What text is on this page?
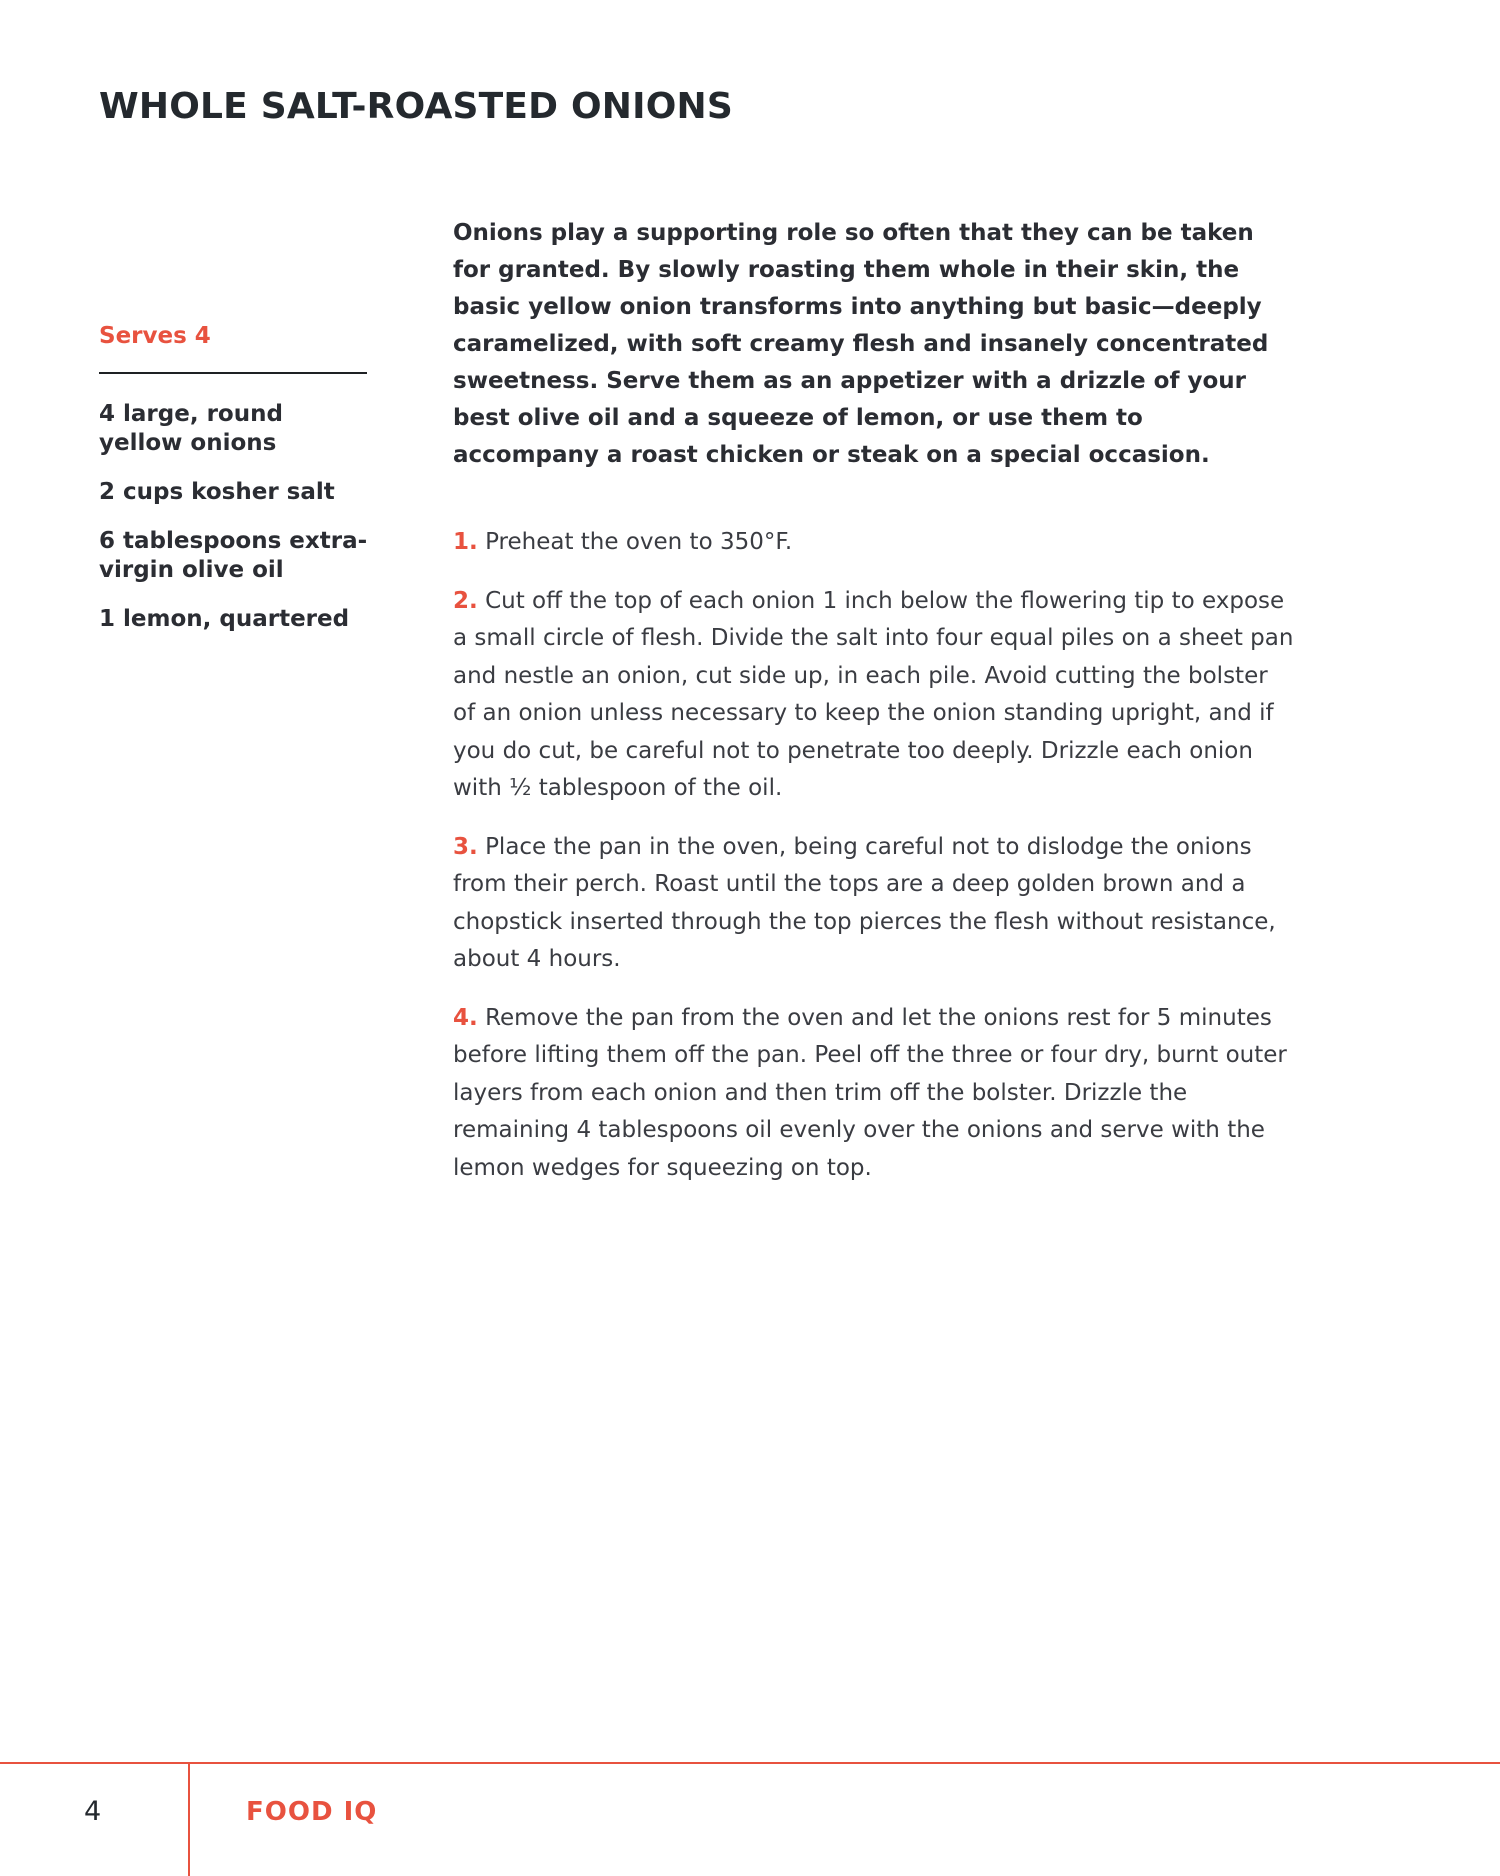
WHOLE SALT-ROASTED ONIONS
Serves 4
4 large, round yellow onions
2 cups kosher salt
6 tablespoons extra-virgin olive oil
1 lemon, quartered

Onions play a supporting role so often that they can be taken for granted. By slowly roasting them whole in their skin, the basic yellow onion transforms into anything but basic—deeply caramelized, with soft creamy flesh and insanely concentrated sweetness. Serve them as an appetizer with a drizzle of your best olive oil and a squeeze of lemon, or use them to accompany a roast chicken or steak on a special occasion.

1. Preheat the oven to 350°F.
2. Cut off the top of each onion 1 inch below the flowering tip to expose a small circle of flesh. Divide the salt into four equal piles on a sheet pan and nestle an onion, cut side up, in each pile. Avoid cutting the bolster of an onion unless necessary to keep the onion standing upright, and if you do cut, be careful not to penetrate too deeply. Drizzle each onion with ½ tablespoon of the oil.
3. Place the pan in the oven, being careful not to dislodge the onions from their perch. Roast until the tops are a deep golden brown and a chopstick inserted through the top pierces the flesh without resistance, about 4 hours.
4. Remove the pan from the oven and let the onions rest for 5 minutes before lifting them off the pan. Peel off the three or four dry, burnt outer layers from each onion and then trim off the bolster. Drizzle the remaining 4 tablespoons oil evenly over the onions and serve with the lemon wedges for squeezing on top.
4	FOOD IQ
